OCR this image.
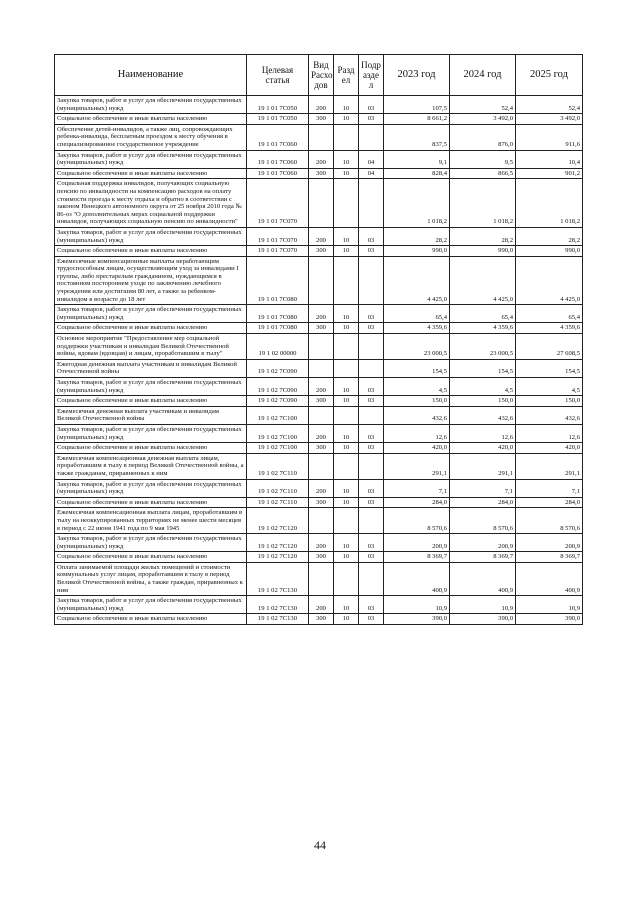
Наименование	Целевая статья	Вид Расхо дов	Разд ел	Подр азде л	2023 год	2024 год	2025 год
Закупка товаров, работ и услуг для обеспечения государственных (муниципальных) нужд	19 1 01 7С050	200	10	03	107,5	52,4	52,4
Социальное обеспечение и иные выплаты населению	19 1 01 7С050	300	10	03	8 661,2	3 492,0	3 492,0
Обеспечение детей-инвалидов, а также лиц, сопровождающих ребенка-инвалида, бесплатным проездом к месту обучения в специализированное государственное учреждение	19 1 01 7С060				837,5	876,0	911,6
Закупка товаров, работ и услуг для обеспечения государственных (муниципальных) нужд	19 1 01 7С060	200	10	04	9,1	9,5	10,4
Социальное обеспечение и иные выплаты населению	19 1 01 7С060	300	10	04	828,4	866,5	901,2
Социальная поддержка инвалидов, получающих социальную пенсию по инвалидности на компенсацию расходов на оплату стоимости проезда к месту отдыха и обратно в соответствии с законом Ненецкого автономного округа от 25 ноября 2010 года № 86-оз "О дополнительных мерах социальной поддержки инвалидов, получающих социальную пенсию по инвалидности"	19 1 01 7С070				1 018,2	1 018,2	1 018,2
Закупка товаров, работ и услуг для обеспечения государственных (муниципальных) нужд	19 1 01 7С070	200	10	03	28,2	28,2	28,2
Социальное обеспечение и иные выплаты населению	19 1 01 7С070	300	10	03	990,0	990,0	990,0
Ежемесячные компенсационные выплаты неработающим трудоспособным лицам, осуществляющим уход за инвалидами I группы, либо престарелым гражданином, нуждающимся в постоянном постороннем уходе по заключению лечебного учреждения или достигшим 80 лет, а также за ребенком-инвалидом в возрасте до 18 лет	19 1 01 7С080				4 425,0	4 425,0	4 425,0
Закупка товаров, работ и услуг для обеспечения государственных (муниципальных) нужд	19 1 01 7С080	200	10	03	65,4	65,4	65,4
Социальное обеспечение и иные выплаты населению	19 1 01 7С080	300	10	03	4 359,6	4 359,6	4 359,6
Основное мероприятие "Предоставление мер социальной поддержки участникам и инвалидам Великой Отечественной войны, вдовам (вдовцам) и лицам, проработавшим в тылу"	19 1 02 00000				23 000,5	23 000,5	27 608,5
Ежегодная денежная выплата участникам и инвалидам Великой Отечественной войны	19 1 02 7С090				154,5	154,5	154,5
Закупка товаров, работ и услуг для обеспечения государственных (муниципальных) нужд	19 1 02 7С090	200	10	03	4,5	4,5	4,5
Социальное обеспечение и иные выплаты населению	19 1 02 7С090	300	10	03	150,0	150,0	150,0
Ежемесячная денежная выплата участникам и инвалидам Великой Отечественной войны	19 1 02 7С100				432,6	432,6	432,6
Закупка товаров, работ и услуг для обеспечения государственных (муниципальных) нужд	19 1 02 7С100	200	10	03	12,6	12,6	12,6
Социальное обеспечение и иные выплаты населению	19 1 02 7С100	300	10	03	420,0	420,0	420,0
Ежемесячная компенсационная денежная выплата лицам, проработавшим в тылу в период Великой Отечественной войны, а также гражданам, приравненных к ним	19 1 02 7С110				291,1	291,1	291,1
Закупка товаров, работ и услуг для обеспечения государственных (муниципальных) нужд	19 1 02 7С110	200	10	03	7,1	7,1	7,1
Социальное обеспечение и иные выплаты населению	19 1 02 7С110	300	10	03	284,0	284,0	284,0
Ежемесячная компенсационная выплата лицам, проработавшим в тылу на неоккупированных территориях не менее шести месяцев в период с 22 июня 1941 года по 9 мая 1945	19 1 02 7С120				8 570,6	8 570,6	8 570,6
Закупка товаров, работ и услуг для обеспечения государственных (муниципальных) нужд	19 1 02 7С120	200	10	03	200,9	200,9	200,9
Социальное обеспечение и иные выплаты населению	19 1 02 7С120	300	10	03	8 369,7	8 369,7	8 369,7
Оплата занимаемой площади жилых помещений и стоимости коммунальных услуг лицам, проработавшим в тылу в период Великой Отечественной войны, а также граждан, приравненных к ним	19 1 02 7С130				400,9	400,9	400,9
Закупка товаров, работ и услуг для обеспечения государственных (муниципальных) нужд	19 1 02 7С130	200	10	03	10,9	10,9	10,9
Социальное обеспечение и иные выплаты населению	19 1 02 7С130	300	10	03	390,0	390,0	390,0
44
